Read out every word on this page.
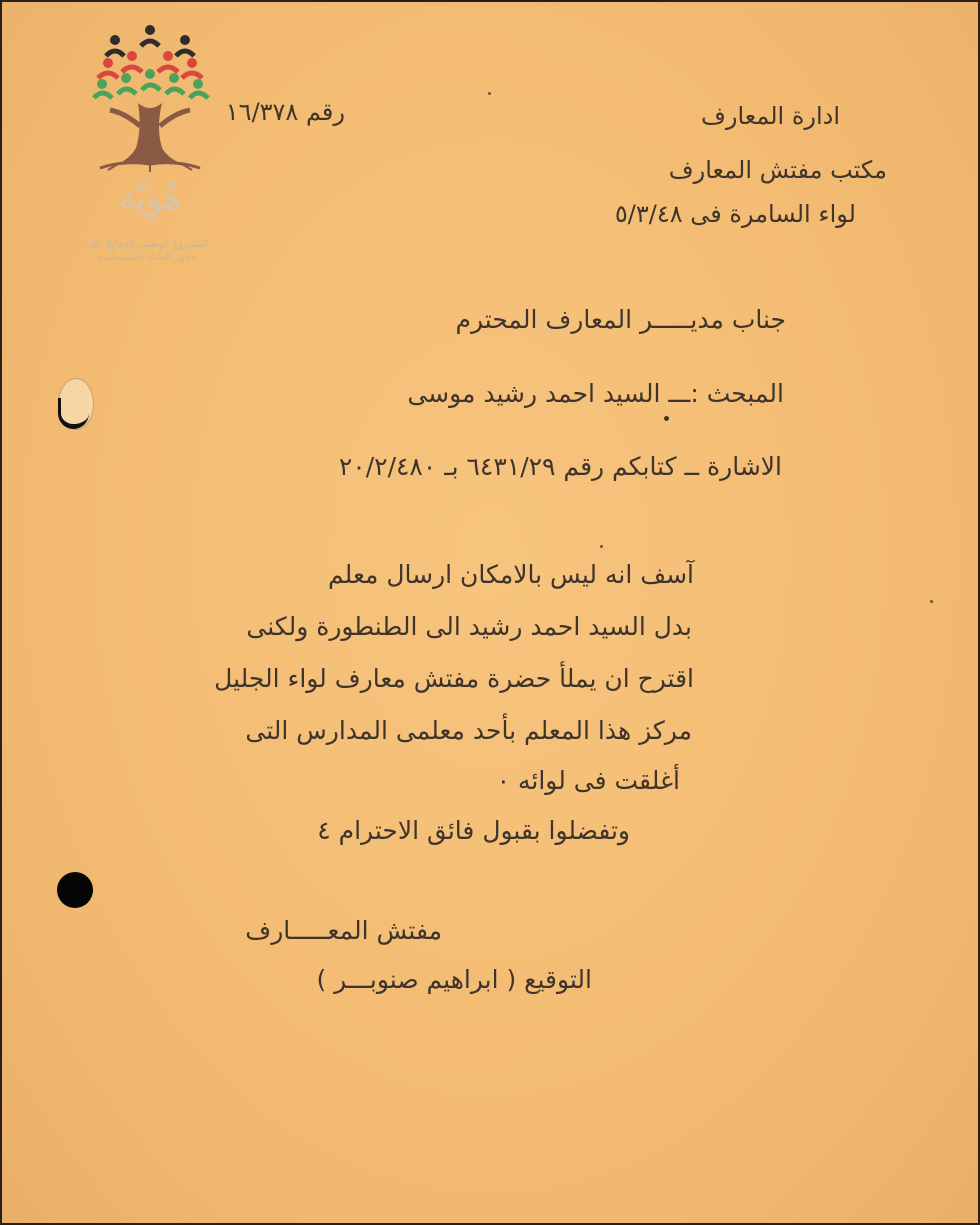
هُوِيَّة
المشروع الوطني للحفاظ على
جذور العائلة الفلسطينية
رقم ١٦/٣٧٨	ادارة المعارف
مكتب مفتش المعارف
لواء السامرة فى ٥/٣/٤٨
جناب مديـــــر المعارف المحترم
المبحث :ـــ السيد احمد رشيد موسى
الاشارة ــ كتابكم رقم ٦٤٣١/٢٩ بـ ٢٠/٢/٤٨٠
آسف انه ليس بالامكان ارسال معلم
بدل السيد احمد رشيد الى الطنطورة ولكنى
اقترح ان يملأ حضرة مفتش معارف لواء الجليل
مركز هذا المعلم بأحد معلمى المدارس التى
أغلقت فى لوائه ٠
وتفضلوا بقبول فائق الاحترام ٤
مفتش المعـــــارف
التوقيع ( ابراهيم صنوبـــر )
